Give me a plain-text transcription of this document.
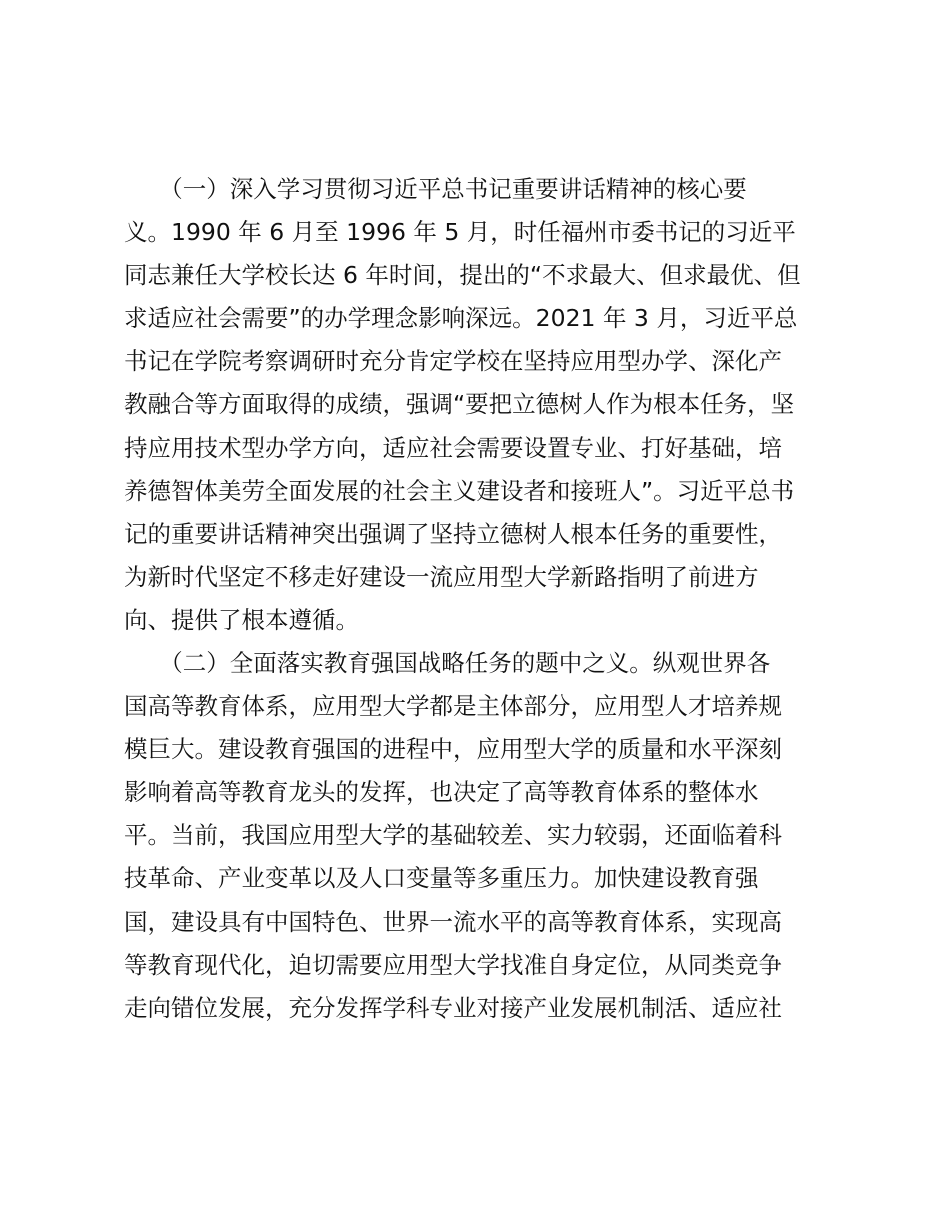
　　（一）深入学习贯彻习近平总书记重要讲话精神的核心要
义。1990 年 6 月至 1996 年 5 月，时任福州市委书记的习近平
同志兼任大学校长达 6 年时间，提出的“不求最大、但求最优、但
求适应社会需要”的办学理念影响深远。2021 年 3 月，习近平总
书记在学院考察调研时充分肯定学校在坚持应用型办学、深化产
教融合等方面取得的成绩，强调“要把立德树人作为根本任务，坚
持应用技术型办学方向，适应社会需要设置专业、打好基础，培
养德智体美劳全面发展的社会主义建设者和接班人”。习近平总书
记的重要讲话精神突出强调了坚持立德树人根本任务的重要性，
为新时代坚定不移走好建设一流应用型大学新路指明了前进方
向、提供了根本遵循。
　　（二）全面落实教育强国战略任务的题中之义。纵观世界各
国高等教育体系，应用型大学都是主体部分，应用型人才培养规
模巨大。建设教育强国的进程中，应用型大学的质量和水平深刻
影响着高等教育龙头的发挥，也决定了高等教育体系的整体水
平。当前，我国应用型大学的基础较差、实力较弱，还面临着科
技革命、产业变革以及人口变量等多重压力。加快建设教育强
国，建设具有中国特色、世界一流水平的高等教育体系，实现高
等教育现代化，迫切需要应用型大学找准自身定位，从同类竞争
走向错位发展，充分发挥学科专业对接产业发展机制活、适应社
